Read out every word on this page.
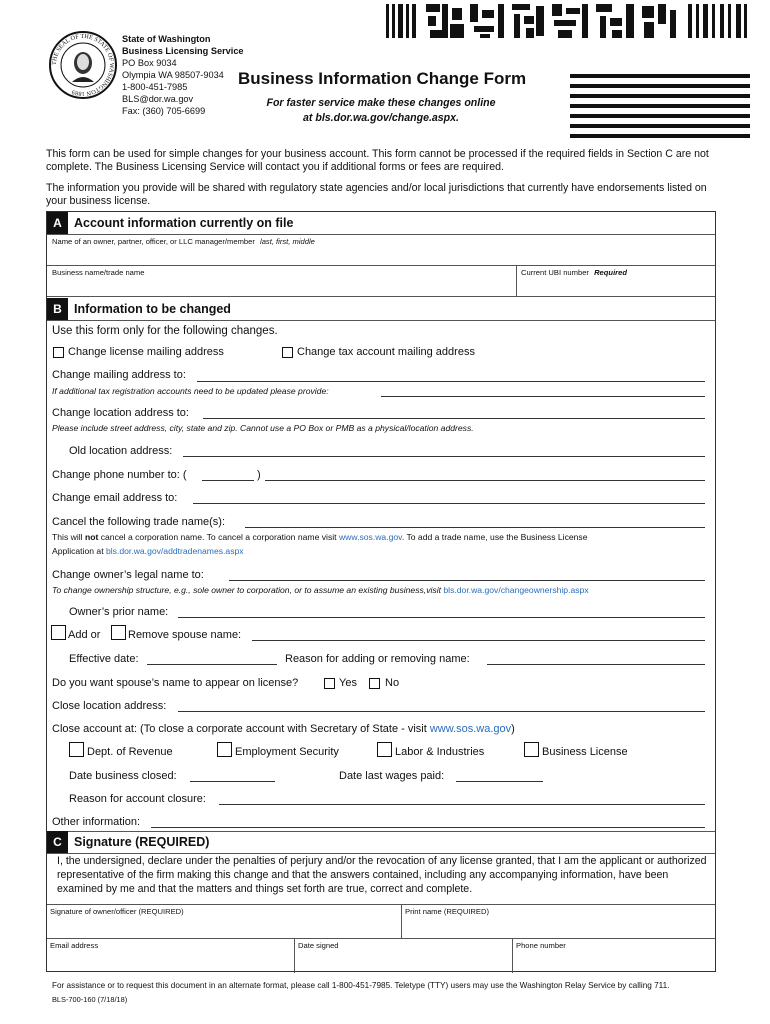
THE SEAL OF THE STATE OF WASHINGTON 1889
State of Washington
Business Licensing Service
PO Box 9034
Olympia WA 98507-9034
1-800-451-7985
BLS@dor.wa.gov
Fax: (360) 705-6699
Business Information Change Form
For faster service make these changes online
at bls.dor.wa.gov/change.aspx.
This form can be used for simple changes for your business account. This form cannot be processed if the required fields in Section C are not complete. The Business Licensing Service will contact you if additional forms or fees are required.
The information you provide will be shared with regulatory state agencies and/or local jurisdictions that currently have endorsements listed on your business license.
A Account information currently on file
Name of an owner, partner, officer, or LLC manager/member last, first, middle
Business name/trade name	Current UBI number Required
B Information to be changed
Use this form only for the following changes.
Change license mailing address	Change tax account mailing address
Change mailing address to:
If additional tax registration accounts need to be updated please provide:
Change location address to:
Please include street address, city, state and zip. Cannot use a PO Box or PMB as a physical/location address.
Old location address:
Change phone number to: (	)
Change email address to:
Cancel the following trade name(s):
This will not cancel a corporation name. To cancel a corporation name visit www.sos.wa.gov. To add a trade name, use the Business License
Application at bls.dor.wa.gov/addtradenames.aspx
Change owner’s legal name to:
To change ownership structure, e.g., sole owner to corporation, or to assume an existing business,visit bls.dor.wa.gov/changeownership.aspx
Owner’s prior name:
Add or	Remove spouse name:
Effective date:	Reason for adding or removing name:
Do you want spouse’s name to appear on license?	Yes	No
Close location address:
Close account at: (To close a corporate account with Secretary of State - visit www.sos.wa.gov)
Dept. of Revenue	Employment Security	Labor & Industries	Business License
Date business closed:	Date last wages paid:
Reason for account closure:
Other information:
C Signature (REQUIRED)
I, the undersigned, declare under the penalties of perjury and/or the revocation of any license granted, that I am the applicant or authorized representative of the firm making this change and that the answers contained, including any accompanying information, have been examined by me and that the matters and things set forth are true, correct and complete.
Signature of owner/officer (REQUIRED)	Print name (REQUIRED)
Email address	Date signed	Phone number
For assistance or to request this document in an alternate format, please call 1-800-451-7985. Teletype (TTY) users may use the Washington Relay Service by calling 711.
BLS-700-160 (7/18/18)
